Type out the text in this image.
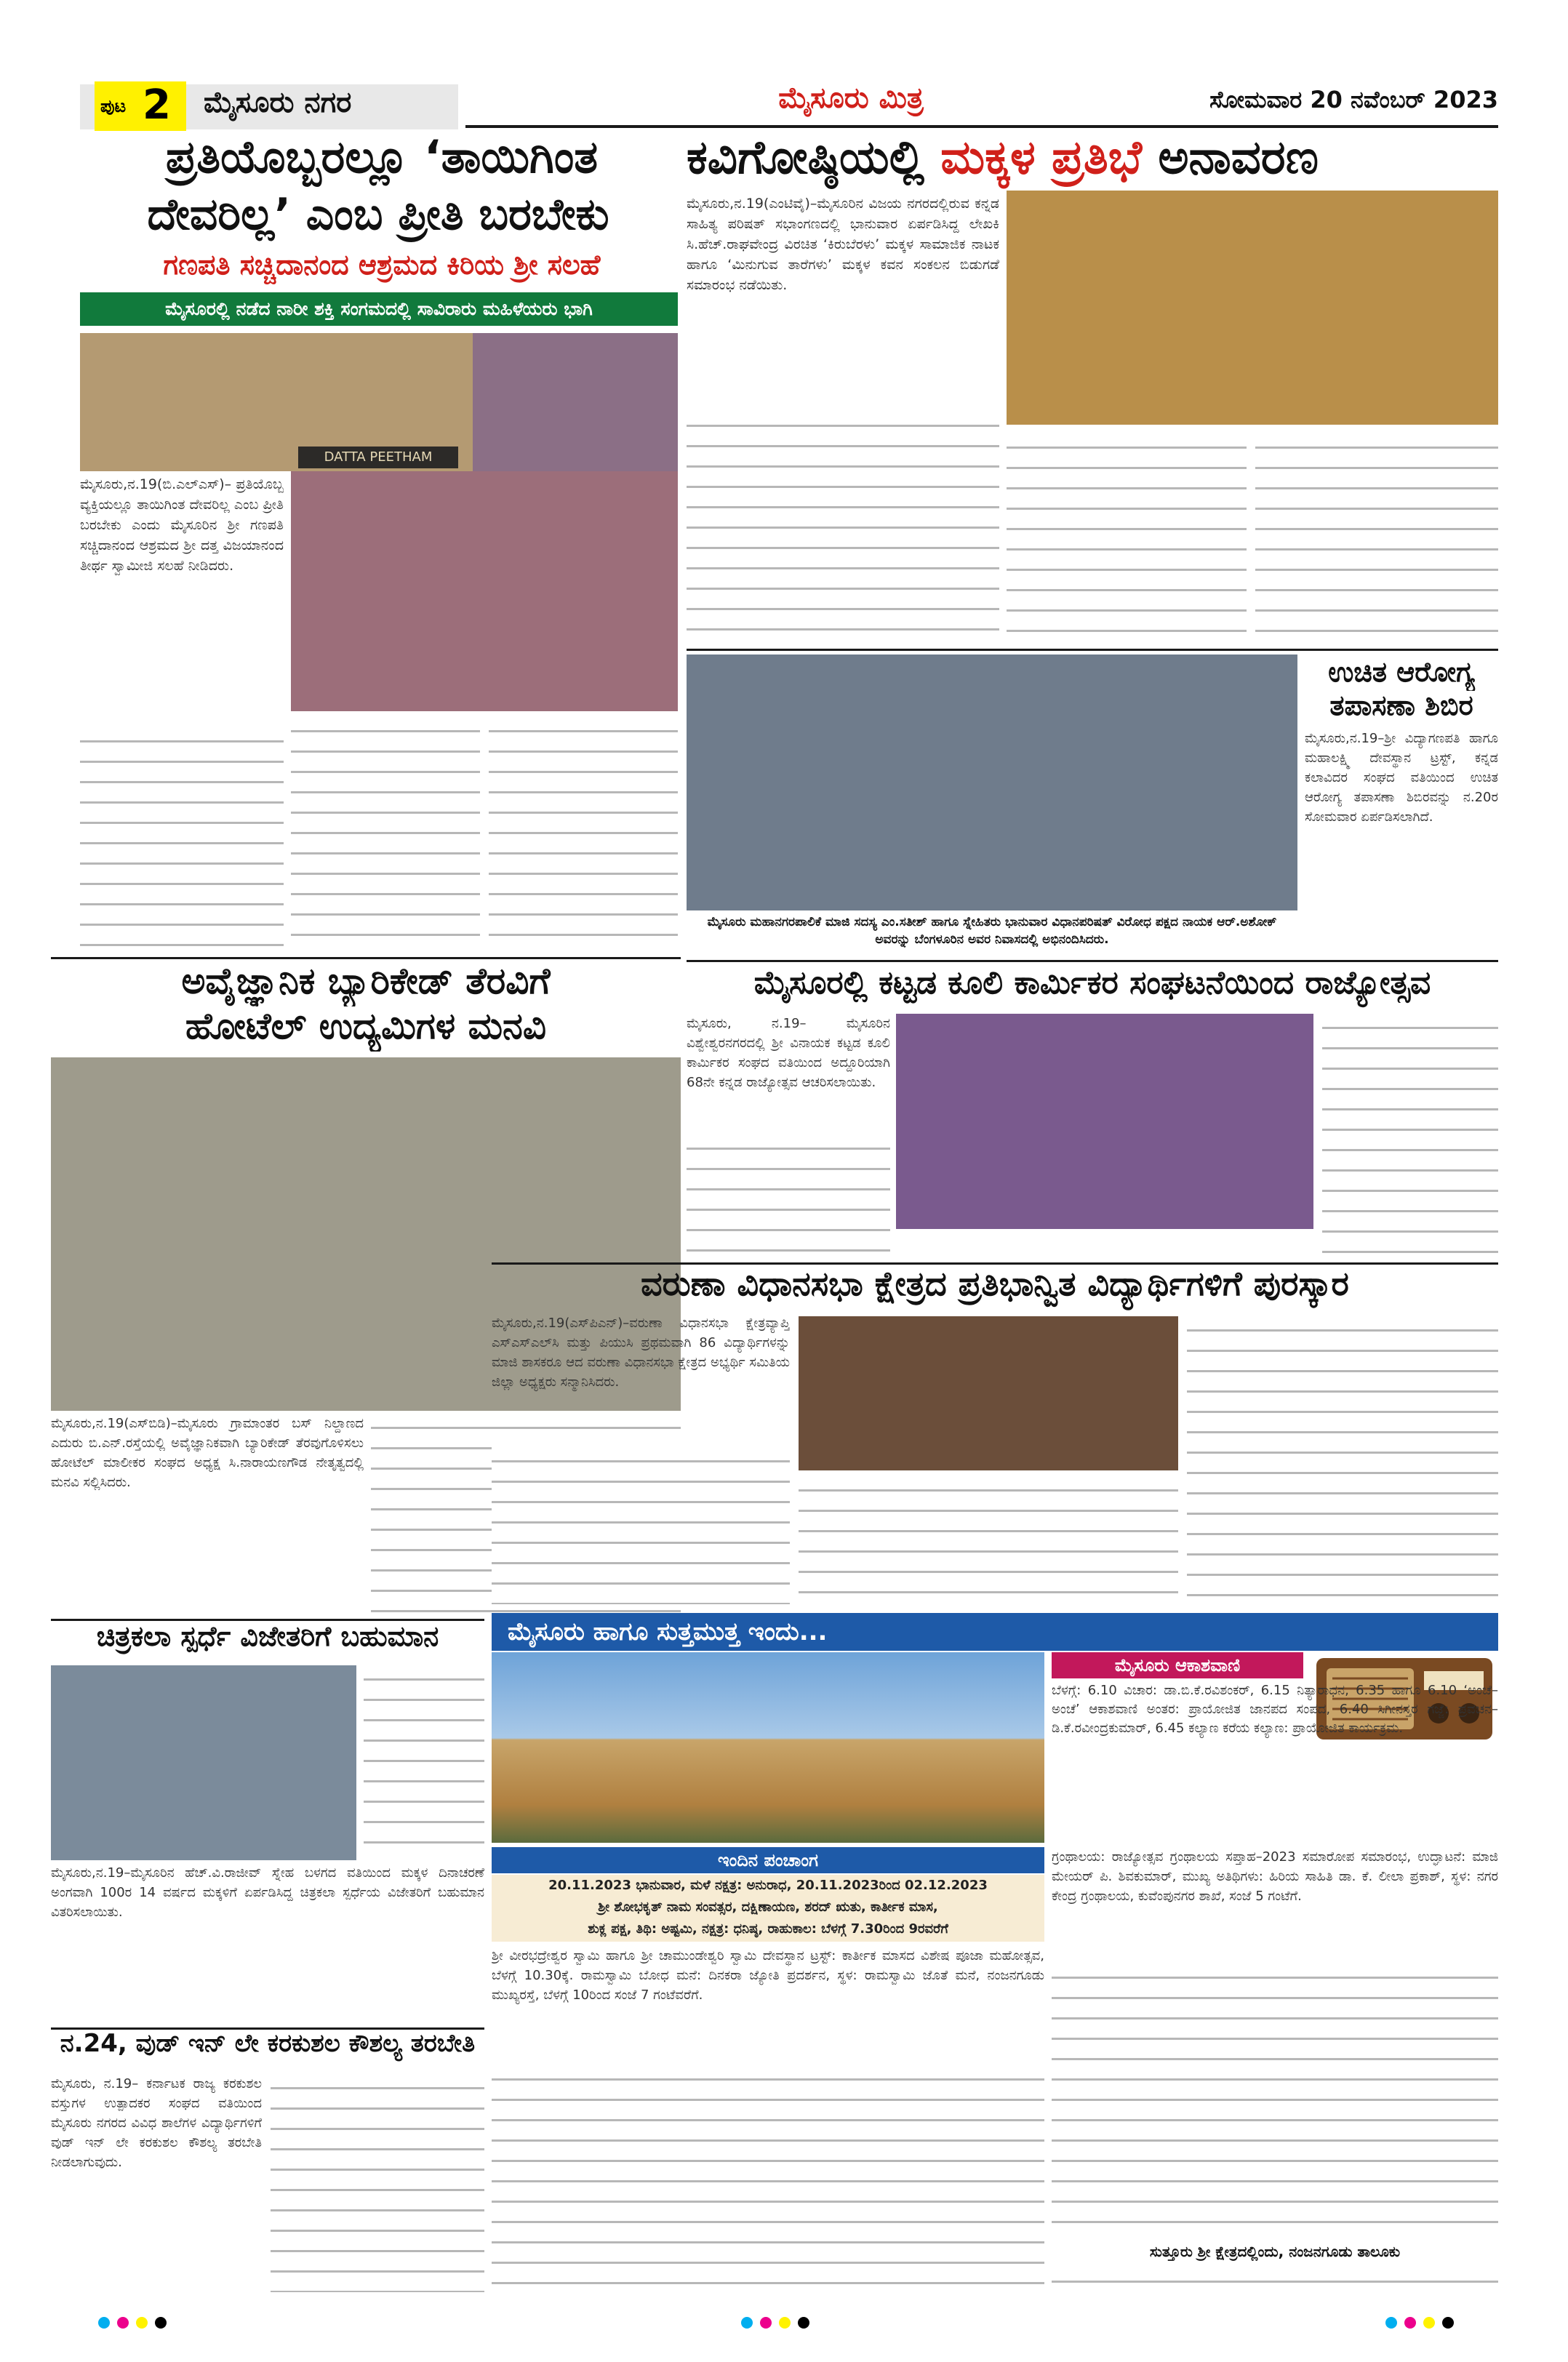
ಪುಟ 2 ಮೈಸೂರು ನಗರ	ಮೈಸೂರು ಮಿತ್ರ	ಸೋಮವಾರ 20 ನವೆಂಬರ್ 2023
ಪ್ರತಿಯೊಬ್ಬರಲ್ಲೂ ‘ತಾಯಿಗಿಂತ
ದೇವರಿಲ್ಲ’ ಎಂಬ ಪ್ರೀತಿ ಬರಬೇಕು
ಗಣಪತಿ ಸಚ್ಚಿದಾನಂದ ಆಶ್ರಮದ ಕಿರಿಯ ಶ್ರೀ ಸಲಹೆ
ಮೈಸೂರಲ್ಲಿ ನಡೆದ ನಾರೀ ಶಕ್ತಿ ಸಂಗಮದಲ್ಲಿ ಸಾವಿರಾರು ಮಹಿಳೆಯರು ಭಾಗಿ
DATTA PEETHAM

ಮೈಸೂರು,ನ.19(ಬಿ.ಎಲ್‌ಎಸ್)– ಪ್ರತಿಯೊಬ್ಬ ವ್ಯಕ್ತಿಯಲ್ಲೂ ತಾಯಿಗಿಂತ ದೇವರಿಲ್ಲ ಎಂಬ ಪ್ರೀತಿ ಬರಬೇಕು ಎಂದು ಮೈಸೂರಿನ ಶ್ರೀ ಗಣಪತಿ ಸಚ್ಚಿದಾನಂದ ಆಶ್ರಮದ ಶ್ರೀ ದತ್ತ ವಿಜಯಾನಂದ ತೀರ್ಥ ಸ್ವಾಮೀಜಿ ಸಲಹೆ ನೀಡಿದರು.

ಕವಿಗೋಷ್ಠಿಯಲ್ಲಿ ಮಕ್ಕಳ ಪ್ರತಿಭೆ ಅನಾವರಣ

ಮೈಸೂರು,ನ.19(ಎಂಟಿವೈ)–ಮೈಸೂರಿನ ವಿಜಯ ನಗರದಲ್ಲಿರುವ ಕನ್ನಡ ಸಾಹಿತ್ಯ ಪರಿಷತ್ ಸಭಾಂಗಣದಲ್ಲಿ ಭಾನುವಾರ ಏರ್ಪಡಿಸಿದ್ದ ಲೇಖಕಿ ಸಿ.ಹೆಚ್.ರಾಘವೇಂದ್ರ ವಿರಚಿತ ‘ಕಿರುಬೆರಳು’ ಮಕ್ಕಳ ಸಾಮಾಜಿಕ ನಾಟಕ ಹಾಗೂ ‘ಮಿನುಗುವ ತಾರೆಗಳು’ ಮಕ್ಕಳ ಕವನ ಸಂಕಲನ ಬಿಡುಗಡೆ ಸಮಾರಂಭ ನಡೆಯಿತು.

ಮೈಸೂರು ಮಹಾನಗರಪಾಲಿಕೆ ಮಾಜಿ ಸದಸ್ಯ ಎಂ.ಸತೀಶ್ ಹಾಗೂ ಸ್ನೇಹಿತರು ಭಾನುವಾರ ವಿಧಾನಪರಿಷತ್ ವಿರೋಧ ಪಕ್ಷದ ನಾಯಕ ಆರ್.ಅಶೋಕ್ ಅವರನ್ನು ಬೆಂಗಳೂರಿನ ಅವರ ನಿವಾಸದಲ್ಲಿ ಅಭಿನಂದಿಸಿದರು.
ಉಚಿತ ಆರೋಗ್ಯ
ತಪಾಸಣಾ ಶಿಬಿರ

ಮೈಸೂರು,ನ.19–ಶ್ರೀ ವಿದ್ಯಾಗಣಪತಿ ಹಾಗೂ ಮಹಾಲಕ್ಷ್ಮಿ ದೇವಸ್ಥಾನ ಟ್ರಸ್ಟ್, ಕನ್ನಡ ಕಲಾವಿದರ ಸಂಘದ ವತಿಯಿಂದ ಉಚಿತ ಆರೋಗ್ಯ ತಪಾಸಣಾ ಶಿಬಿರವನ್ನು ನ.20ರ ಸೋಮವಾರ ಏರ್ಪಡಿಸಲಾಗಿದೆ.

ಮೈಸೂರಲ್ಲಿ ಕಟ್ಟಡ ಕೂಲಿ ಕಾರ್ಮಿಕರ ಸಂಘಟನೆಯಿಂದ ರಾಜ್ಯೋತ್ಸವ

ಮೈಸೂರು, ನ.19– ಮೈಸೂರಿನ ವಿಶ್ವೇಶ್ವರನಗರದಲ್ಲಿ ಶ್ರೀ ವಿನಾಯಕ ಕಟ್ಟಡ ಕೂಲಿ ಕಾರ್ಮಿಕರ ಸಂಘದ ವತಿಯಿಂದ ಅದ್ದೂರಿಯಾಗಿ 68ನೇ ಕನ್ನಡ ರಾಜ್ಯೋತ್ಸವ ಆಚರಿಸಲಾಯಿತು.

ಅವೈಜ್ಞಾನಿಕ ಬ್ಯಾರಿಕೇಡ್ ತೆರವಿಗೆ
ಹೋಟೆಲ್ ಉದ್ಯಮಿಗಳ ಮನವಿ

ಮೈಸೂರು,ನ.19(ಎಸ್‌ಬಿಡಿ)–ಮೈಸೂರು ಗ್ರಾಮಾಂತರ ಬಸ್ ನಿಲ್ದಾಣದ ಎದುರು ಬಿ.ಎನ್.ರಸ್ತೆಯಲ್ಲಿ ಅವೈಜ್ಞಾನಿಕವಾಗಿ ಬ್ಯಾರಿಕೇಡ್ ತೆರವುಗೊಳಿಸಲು ಹೋಟೆಲ್ ಮಾಲೀಕರ ಸಂಘದ ಅಧ್ಯಕ್ಷ ಸಿ.ನಾರಾಯಣಗೌಡ ನೇತೃತ್ವದಲ್ಲಿ ಮನವಿ ಸಲ್ಲಿಸಿದರು.

ವರುಣಾ ವಿಧಾನಸಭಾ ಕ್ಷೇತ್ರದ ಪ್ರತಿಭಾನ್ವಿತ ವಿದ್ಯಾರ್ಥಿಗಳಿಗೆ ಪುರಸ್ಕಾರ

ಮೈಸೂರು,ನ.19(ಎಸ್‌ಪಿಎನ್)–ವರುಣಾ ವಿಧಾನಸಭಾ ಕ್ಷೇತ್ರವ್ಯಾಪ್ತಿ ಎಸ್‌ಎಸ್‌ಎಲ್‌ಸಿ ಮತ್ತು ಪಿಯುಸಿ ಪ್ರಥಮವಾಗಿ 86 ವಿದ್ಯಾರ್ಥಿಗಳನ್ನು ಮಾಜಿ ಶಾಸಕರೂ ಆದ ವರುಣಾ ವಿಧಾನಸಭಾ ಕ್ಷೇತ್ರದ ಅಭ್ಯರ್ಥಿ ಸಮಿತಿಯ ಜಿಲ್ಲಾ ಅಧ್ಯಕ್ಷರು ಸನ್ಮಾನಿಸಿದರು.

ಚಿತ್ರಕಲಾ ಸ್ಪರ್ಧೆ ವಿಜೇತರಿಗೆ ಬಹುಮಾನ

ಮೈಸೂರು,ನ.19–ಮೈಸೂರಿನ ಹೆಚ್.ವಿ.ರಾಜೀವ್ ಸ್ನೇಹ ಬಳಗದ ವತಿಯಿಂದ ಮಕ್ಕಳ ದಿನಾಚರಣೆ ಅಂಗವಾಗಿ 100ರ 14 ವರ್ಷದ ಮಕ್ಕಳಿಗೆ ಏರ್ಪಡಿಸಿದ್ದ ಚಿತ್ರಕಲಾ ಸ್ಪರ್ಧೆಯ ವಿಜೇತರಿಗೆ ಬಹುಮಾನ ವಿತರಿಸಲಾಯಿತು.

ನ.24, ವುಡ್ ಇನ್ ಲೇ ಕರಕುಶಲ ಕೌಶಲ್ಯ ತರಬೇತಿ

ಮೈಸೂರು, ನ.19– ಕರ್ನಾಟಕ ರಾಜ್ಯ ಕರಕುಶಲ ವಸ್ತುಗಳ ಉತ್ಪಾದಕರ ಸಂಘದ ವತಿಯಿಂದ ಮೈಸೂರು ನಗರದ ವಿವಿಧ ಶಾಲೆಗಳ ವಿದ್ಯಾರ್ಥಿಗಳಿಗೆ ವುಡ್ ಇನ್ ಲೇ ಕರಕುಶಲ ಕೌಶಲ್ಯ ತರಬೇತಿ ನೀಡಲಾಗುವುದು.

ಮೈಸೂರು ಹಾಗೂ ಸುತ್ತಮುತ್ತ ಇಂದು...
ಮೈಸೂರು ಆಕಾಶವಾಣಿ

ಬೆಳಗ್ಗೆ: 6.10 ವಿಚಾರ: ಡಾ.ಬಿ.ಕೆ.ರವಿಶಂಕರ್, 6.15 ನಿತ್ಯಾರಾಧನ, 6.35 ಹಾಗೂ 6.10 ‘ಅಂಚೆ–ಅಂಚೆ’ ಆಕಾಶವಾಣಿ ಅಂತರ: ಪ್ರಾಯೋಜಿತ ಜಾನಪದ ಸಂಪದ, 6.40 ಸಿಗೀನಸ್ತರ ಗಜ್ಜೆ: ಪ್ರವಚನ–ಡಿ.ಕೆ.ರವೀಂದ್ರಕುಮಾರ್, 6.45 ಕಲ್ಯಾಣ ಕರೆಯ ಕಲ್ಯಾಣ: ಪ್ರಾಯೋಜಿತ ಕಾರ್ಯಕ್ರಮ.

ಇಂದಿನ ಪಂಚಾಂಗ
20.11.2023 ಭಾನುವಾರ, ಮಳೆ ನಕ್ಷತ್ರ: ಅನುರಾಧ, 20.11.2023ರಿಂದ 02.12.2023
ಶ್ರೀ ಶೋಭಕೃತ್ ನಾಮ ಸಂವತ್ಸರ, ದಕ್ಷಿಣಾಯಣ, ಶರದ್ ಋತು, ಕಾರ್ತೀಕ ಮಾಸ,
ಶುಕ್ಲ ಪಕ್ಷ, ತಿಥಿ: ಅಷ್ಟಮಿ, ನಕ್ಷತ್ರ: ಧನಿಷ್ಠ, ರಾಹುಕಾಲ: ಬೆಳಗ್ಗೆ 7.30ರಿಂದ 9ರವರೆಗೆ

ಶ್ರೀ ವೀರಭದ್ರೇಶ್ವರ ಸ್ವಾಮಿ ಹಾಗೂ ಶ್ರೀ ಚಾಮುಂಡೇಶ್ವರಿ ಸ್ವಾಮಿ ದೇವಸ್ಥಾನ ಟ್ರಸ್ಟ್: ಕಾರ್ತೀಕ ಮಾಸದ ವಿಶೇಷ ಪೂಜಾ ಮಹೋತ್ಸವ, ಬೆಳಗ್ಗೆ 10.30ಕ್ಕೆ. ರಾಮಸ್ವಾಮಿ ಬೋಧ ಮನೆ: ದಿನಕರಾ ಜ್ಯೋತಿ ಪ್ರದರ್ಶನ, ಸ್ಥಳ: ರಾಮಸ್ವಾಮಿ ಜೊತೆ ಮನೆ, ನಂಜನಗೂಡು ಮುಖ್ಯರಸ್ತೆ, ಬೆಳಗ್ಗೆ 10ರಿಂದ ಸಂಜೆ 7 ಗಂಟೆವರೆಗೆ.

ಗ್ರಂಥಾಲಯ: ರಾಜ್ಯೋತ್ಸವ ಗ್ರಂಥಾಲಯ ಸಪ್ತಾಹ–2023 ಸಮಾರೋಪ ಸಮಾರಂಭ, ಉದ್ಘಾಟನೆ: ಮಾಜಿ ಮೇಯರ್ ಪಿ. ಶಿವಕುಮಾರ್, ಮುಖ್ಯ ಅತಿಥಿಗಳು: ಹಿರಿಯ ಸಾಹಿತಿ ಡಾ. ಕೆ. ಲೀಲಾ ಪ್ರಕಾಶ್, ಸ್ಥಳ: ನಗರ ಕೇಂದ್ರ ಗ್ರಂಥಾಲಯ, ಕುವೆಂಪುನಗರ ಶಾಖೆ, ಸಂಜೆ 5 ಗಂಟೆಗೆ.

ಸುತ್ತೂರು ಶ್ರೀ ಕ್ಷೇತ್ರದಲ್ಲಿಂದು, ನಂಜನಗೂಡು ತಾಲೂಕು
